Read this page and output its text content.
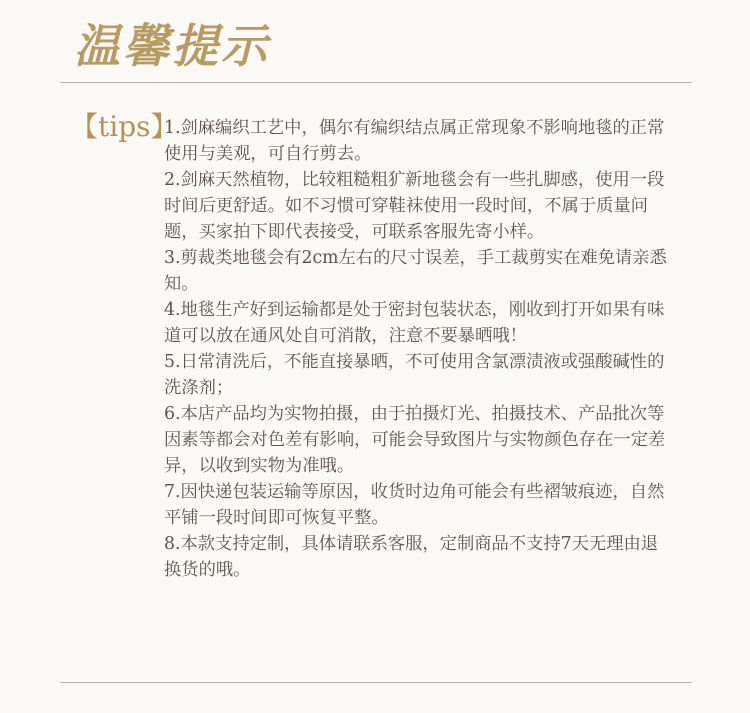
温馨提示
【tips】
1.剑麻编织工艺中，偶尔有编织结点属正常现象不影响地毯的正常使用与美观，可自行剪去。
2.剑麻天然植物，比较粗糙粗犷新地毯会有一些扎脚感，使用一段时间后更舒适。如不习惯可穿鞋袜使用一段时间，不属于质量问题，买家拍下即代表接受，可联系客服先寄小样。
3.剪裁类地毯会有2cm左右的尺寸误差，手工裁剪实在难免请亲悉知。
4.地毯生产好到运输都是处于密封包装状态，刚收到打开如果有味道可以放在通风处自可消散，注意不要暴晒哦！
5.日常清洗后，不能直接暴晒，不可使用含氯漂渍液或强酸碱性的洗涤剂；
6.本店产品均为实物拍摄，由于拍摄灯光、拍摄技术、产品批次等因素等都会对色差有影响，可能会导致图片与实物颜色存在一定差异，以收到实物为准哦。
7.因快递包装运输等原因，收货时边角可能会有些褶皱痕迹，自然平铺一段时间即可恢复平整。
8.本款支持定制，具体请联系客服，定制商品不支持7天无理由退换货的哦。
